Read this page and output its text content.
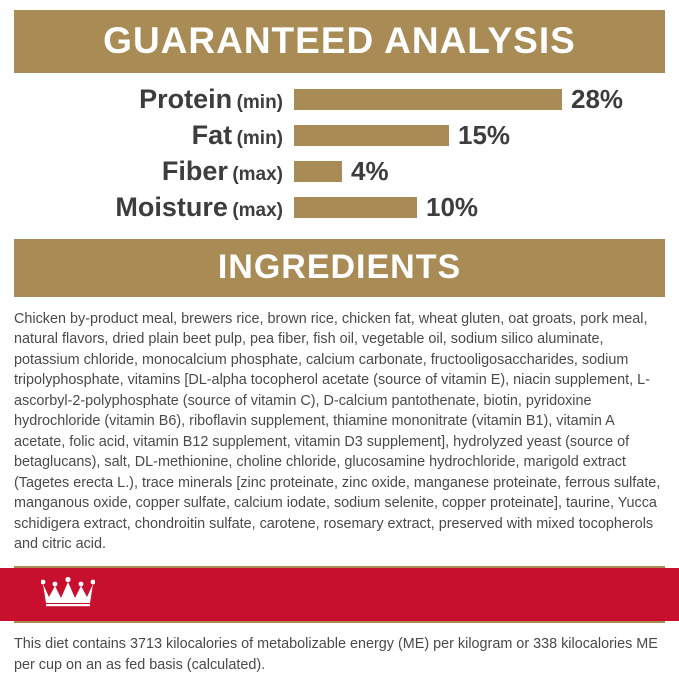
GUARANTEED ANALYSIS
Protein (min)	28%

Fat (min)	15%

Fiber (max)	4%

Moisture (max)	10%
INGREDIENTS
Chicken by-product meal, brewers rice, brown rice, chicken fat, wheat gluten, oat groats, pork meal, natural flavors, dried plain beet pulp, pea fiber, fish oil, vegetable oil, sodium silico aluminate, potassium chloride, monocalcium phosphate, calcium carbonate, fructooligosaccharides, sodium tripolyphosphate, vitamins [DL-alpha tocopherol acetate (source of vitamin E), niacin supplement, L-ascorbyl-2-polyphosphate (source of vitamin C), D-calcium pantothenate, biotin, pyridoxine hydrochloride (vitamin B6), riboflavin supplement, thiamine mononitrate (vitamin B1), vitamin A acetate, folic acid, vitamin B12 supplement, vitamin D3 supplement], hydrolyzed yeast (source of betaglucans), salt, DL-methionine, choline chloride, glucosamine hydrochloride, marigold extract (Tagetes erecta L.), trace minerals [zinc proteinate, zinc oxide, manganese proteinate, ferrous sulfate, manganous oxide, copper sulfate, calcium iodate, sodium selenite, copper proteinate], taurine, Yucca schidigera extract, chondroitin sulfate, carotene, rosemary extract, preserved with mixed tocopherols and citric acid.
This diet contains 3713 kilocalories of metabolizable energy (ME) per kilogram or 338 kilocalories ME per cup on an as fed basis (calculated).
